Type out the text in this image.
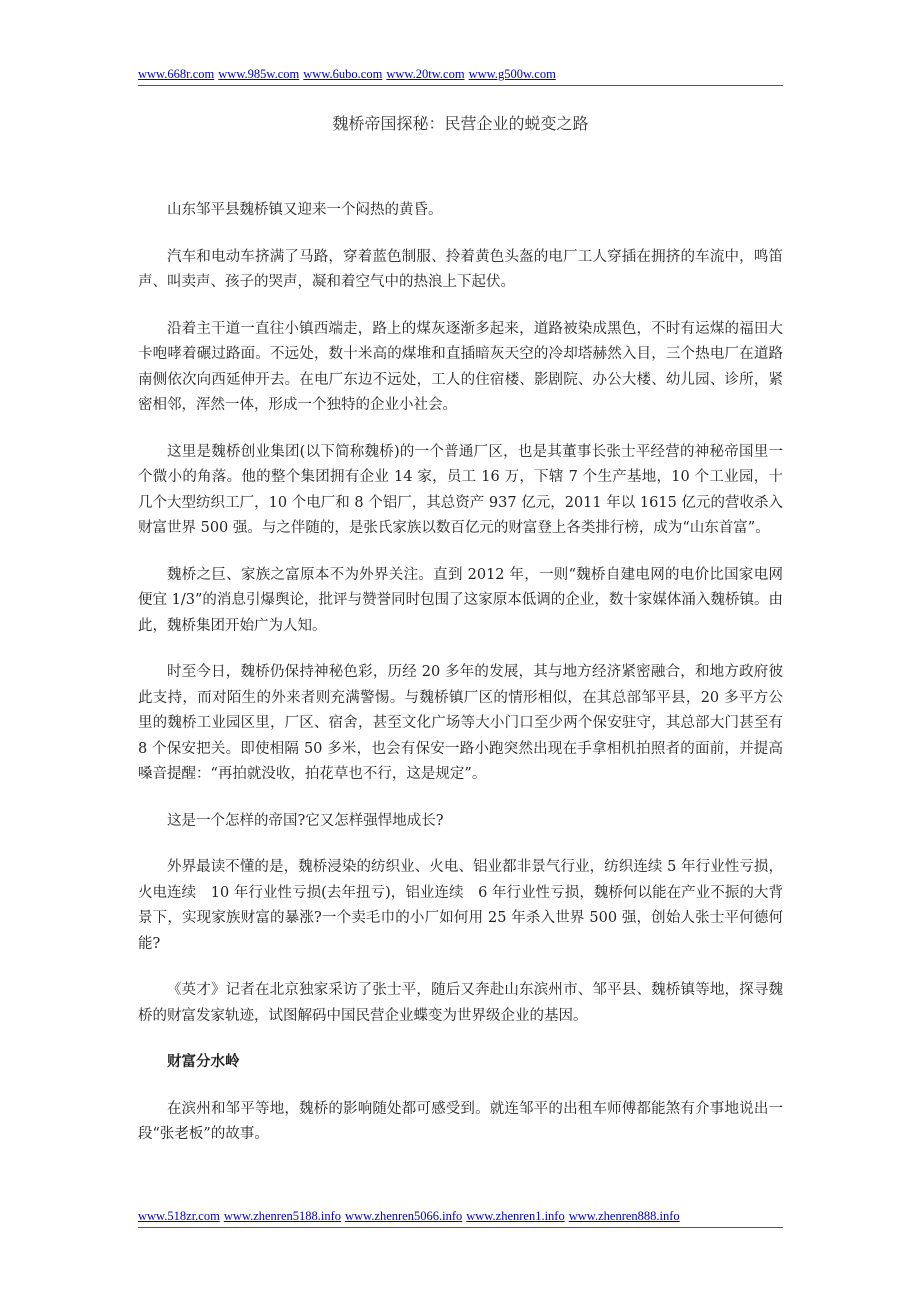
www.668r.com www.985w.com www.6ubo.com www.20tw.com www.g500w.com
魏桥帝国探秘：民营企业的蜕变之路

山东邹平县魏桥镇又迎来一个闷热的黄昏。

汽车和电动车挤满了马路，穿着蓝色制服、拎着黄色头盔的电厂工人穿插在拥挤的车流中，鸣笛声、叫卖声、孩子的哭声，凝和着空气中的热浪上下起伏。

沿着主干道一直往小镇西端走，路上的煤灰逐渐多起来，道路被染成黑色，不时有运煤的福田大卡咆哮着碾过路面。不远处，数十米高的煤堆和直插暗灰天空的冷却塔赫然入目，三个热电厂在道路南侧依次向西延伸开去。在电厂东边不远处，工人的住宿楼、影剧院、办公大楼、幼儿园、诊所，紧密相邻，浑然一体，形成一个独特的企业小社会。

这里是魏桥创业集团(以下简称魏桥)的一个普通厂区，也是其董事长张士平经营的神秘帝国里一个微小的角落。他的整个集团拥有企业 14 家，员工 16 万，下辖 7 个生产基地，10 个工业园，十几个大型纺织工厂，10 个电厂和 8 个铝厂，其总资产 937 亿元，2011 年以 1615 亿元的营收杀入财富世界 500 强。与之伴随的，是张氏家族以数百亿元的财富登上各类排行榜，成为“山东首富”。

魏桥之巨、家族之富原本不为外界关注。直到 2012 年，一则“魏桥自建电网的电价比国家电网便宜 1/3”的消息引爆舆论，批评与赞誉同时包围了这家原本低调的企业，数十家媒体涌入魏桥镇。由此，魏桥集团开始广为人知。

时至今日，魏桥仍保持神秘色彩，历经 20 多年的发展，其与地方经济紧密融合，和地方政府彼此支持，而对陌生的外来者则充满警惕。与魏桥镇厂区的情形相似，在其总部邹平县，20 多平方公里的魏桥工业园区里，厂区、宿舍，甚至文化广场等大小门口至少两个保安驻守，其总部大门甚至有 8 个保安把关。即使相隔 50 多米，也会有保安一路小跑突然出现在手拿相机拍照者的面前，并提高嗓音提醒：“再拍就没收，拍花草也不行，这是规定”。

这是一个怎样的帝国?它又怎样强悍地成长?

外界最读不懂的是，魏桥浸染的纺织业、火电、铝业都非景气行业，纺织连续 5 年行业性亏损，火电连续　10 年行业性亏损(去年扭亏)，铝业连续　6 年行业性亏损，魏桥何以能在产业不振的大背景下，实现家族财富的暴涨?一个卖毛巾的小厂如何用 25 年杀入世界 500 强，创始人张士平何德何能?

《英才》记者在北京独家采访了张士平，随后又奔赴山东滨州市、邹平县、魏桥镇等地，探寻魏桥的财富发家轨迹，试图解码中国民营企业蝶变为世界级企业的基因。

财富分水岭

在滨州和邹平等地，魏桥的影响随处都可感受到。就连邹平的出租车师傅都能煞有介事地说出一段“张老板”的故事。

www.518zr.com www.zhenren5188.info www.zhenren5066.info www.zhenren1.info www.zhenren888.info
